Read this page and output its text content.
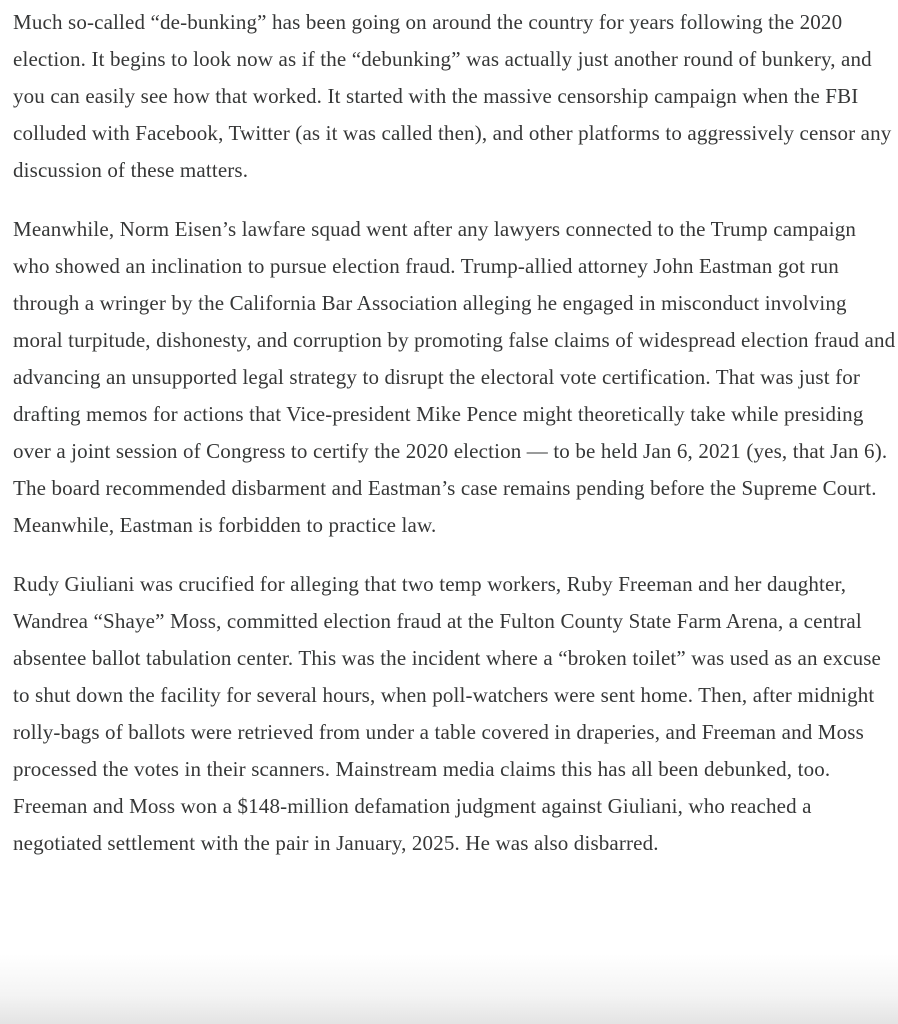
Much so-called “de-bunking” has been going on around the country for years following the 2020 election. It begins to look now as if the “debunking” was actually just another round of bunkery, and you can easily see how that worked. It started with the massive censorship campaign when the FBI colluded with Facebook, Twitter (as it was called then), and other platforms to aggressively censor any discussion of these matters.

Meanwhile, Norm Eisen’s lawfare squad went after any lawyers connected to the Trump campaign who showed an inclination to pursue election fraud. Trump-allied attorney John Eastman got run through a wringer by the California Bar Association alleging he engaged in misconduct involving moral turpitude, dishonesty, and corruption by promoting false claims of widespread election fraud and advancing an unsupported legal strategy to disrupt the electoral vote certification. That was just for drafting memos for actions that Vice-president Mike Pence might theoretically take while presiding over a joint session of Congress to certify the 2020 election — to be held Jan 6, 2021 (yes, that Jan 6). The board recommended disbarment and Eastman’s case remains pending before the Supreme Court. Meanwhile, Eastman is forbidden to practice law.

Rudy Giuliani was crucified for alleging that two temp workers, Ruby Freeman and her daughter, Wandrea “Shaye” Moss, committed election fraud at the Fulton County State Farm Arena, a central absentee ballot tabulation center. This was the incident where a “broken toilet” was used as an excuse to shut down the facility for several hours, when poll-watchers were sent home. Then, after midnight rolly-bags of ballots were retrieved from under a table covered in draperies, and Freeman and Moss processed the votes in their scanners. Mainstream media claims this has all been debunked, too. Freeman and Moss won a $148-million defamation judgment against Giuliani, who reached a negotiated settlement with the pair in January, 2025. He was also disbarred.
